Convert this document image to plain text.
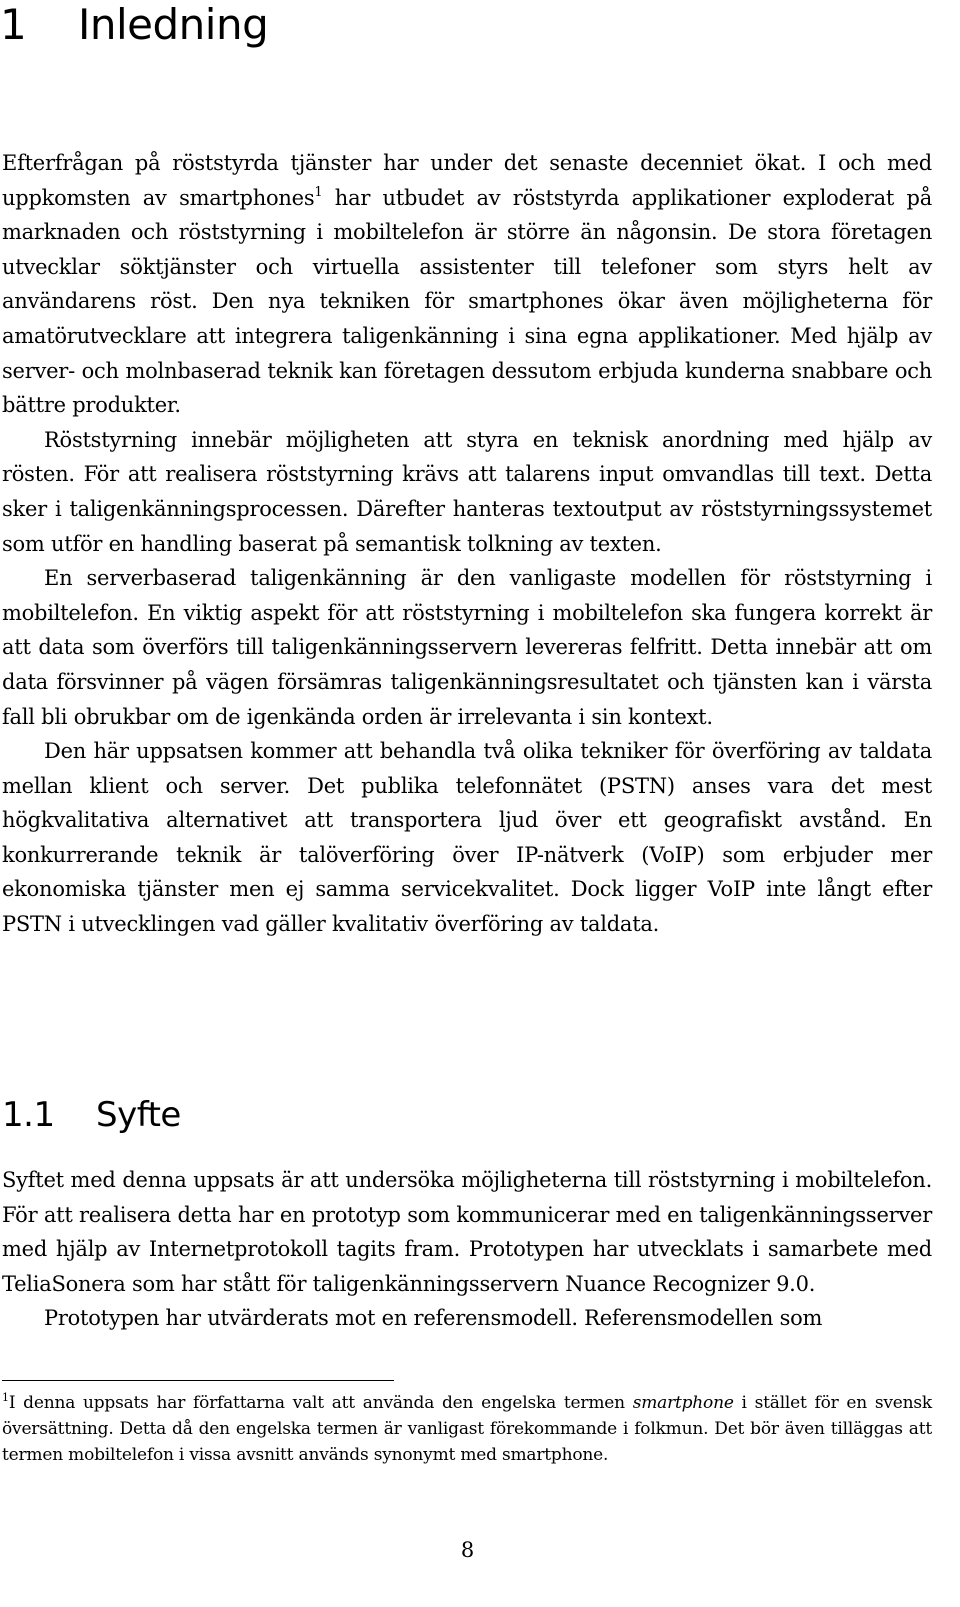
1 Inledning

Efterfrågan på röststyrda tjänster har under det senaste decenniet ökat. I och med uppkomsten av smartphones$^1$ har utbudet av röststyrda applikationer exploderat på marknaden och röststyrning i mobiltelefon är större än någonsin. De stora företagen utvecklar söktjänster och virtuella assistenter till telefoner som styrs helt av användarens röst. Den nya tekniken för smartphones ökar även möjligheterna för amatörutvecklare att integrera taligenkänning i sina egna applikationer. Med hjälp av server- och molnbaserad teknik kan företagen dessutom erbjuda kunderna snabbare och bättre produkter.

Röststyrning innebär möjligheten att styra en teknisk anordning med hjälp av rösten. För att realisera röststyrning krävs att talarens input omvandlas till text. Detta sker i taligenkänningsprocessen. Därefter hanteras textoutput av röststyrningssystemet som utför en handling baserat på semantisk tolkning av texten.

En serverbaserad taligenkänning är den vanligaste modellen för röststyrning i mobiltelefon. En viktig aspekt för att röststyrning i mobiltelefon ska fungera korrekt är att data som överförs till taligenkänningsservern levereras felfritt. Detta innebär att om data försvinner på vägen försämras taligenkänningsresultatet och tjänsten kan i värsta fall bli obrukbar om de igenkända orden är irrelevanta i sin kontext.

Den här uppsatsen kommer att behandla två olika tekniker för överföring av taldata mellan klient och server. Det publika telefonnätet (PSTN) anses vara det mest högkvalitativa alternativet att transportera ljud över ett geografiskt avstånd. En konkurrerande teknik är talöverföring över IP-nätverk (VoIP) som erbjuder mer ekonomiska tjänster men ej samma servicekvalitet. Dock ligger VoIP inte långt efter PSTN i utvecklingen vad gäller kvalitativ överföring av taldata.

1.1 Syfte

Syftet med denna uppsats är att undersöka möjligheterna till röststyrning i mobiltelefon. För att realisera detta har en prototyp som kommunicerar med en taligenkänningsserver med hjälp av Internetprotokoll tagits fram. Prototypen har utvecklats i samarbete med TeliaSonera som har stått för taligenkänningsservern Nuance Recognizer 9.0.

Prototypen har utvärderats mot en referensmodell. Referensmodellen som

$^1$I denna uppsats har författarna valt att använda den engelska termen smartphone i stället för en svensk översättning. Detta då den engelska termen är vanligast förekommande i folkmun. Det bör även tilläggas att termen mobiltelefon i vissa avsnitt används synonymt med smartphone.

8
